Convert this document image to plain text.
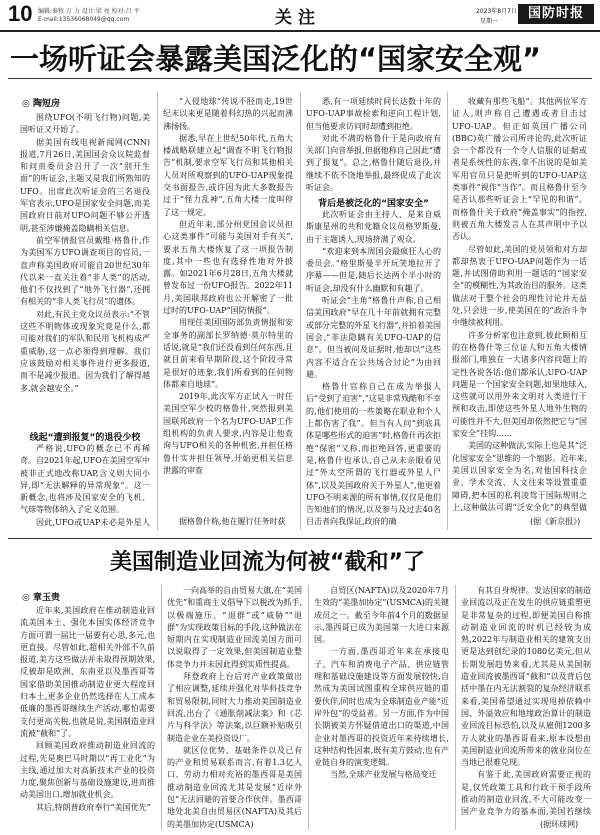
10 编辑:秦牧 万 力 设计:梁 亮 校对:吕 平
E-mail:13536068049@qq.com	关注	2023年8月7日
星期一
国防时报
一场听证会暴露美国泛化的“国家安全观”
◎ 陶短房

围绕UFO(不明飞行物)问题,美国听证又开始了。

据美国有线电视新闻网(CNN)报道,7月26日,美国国会众议院监督和问责委员会召开了一次“别开生面”的听证会,主题又是我们所熟知的UFO。出席此次听证会的三名退役军官表示,UFO是国家安全问题,而美国政府日前对UFO问题不够公开透明,甚至涉嫌掩盖隐瞒相关信息。

前空军情报官员戴维·格鲁什,作为美国军方UFO调查项目的官员,一直声称美国政府可能自20世纪30年代以来一直关注着“非人类”的活动,他们不仅找到了“地外飞行器”,还拥有相关的“非人类飞行员”的遗体。

对此,有民主党众议员表示:“不管这些不明物体或现象究竟是什么,都可能对我们的军队和民用飞机构成严重威胁,这一点必须得到理解。我们应该鼓励对相关事件进行更多报道,而不是减少报道。因为我们了解得越多,就会越安全。”

线起“遭到报复”的退役少校

严格说,UFO的概念已不再稀奇。自2021年起,UFO在美国空军中被非正式地改称UAP,含义则大同小异,即“无法解释的异常现象”。这一新概念,也将涉及国家安全的飞机、气球等物体纳入了定义范围。

因此,UFO或UAP未必是外星人

“入侵地球”传说不胫而走,19世纪末以来更是随着科幻热的兴起而沸沸扬扬。

据悉,早在上世纪50年代,五角大楼战略联建立起“调查不明飞行物报告”机制,要求空军飞行员和其他相关人员对所观察到的UFO-UAP现象提交书面报告,或许因为此大多数报告过于“怪力乱神”,五角大楼一度叫停了这一规定。

但近年来,部分州党国会议员担心这类事件“可能与美国对手有关”,要求五角大楼恢复了这一项报告制度,其中一些也有选择性地对外披露。如2021年6月28日,五角大楼就曾发布过一份UFO报告。2022年11月,美国联邦政府也公开解密了一批过时的UFO-UAP“国防情报”。

用现任美国国防部负责情报和安全事务的副部长罗纳德·莫尔特里的话说,就是“我们还没看到任何东西,且就目前来看早期阶段,这个阶段寻常是很好的迹象,我们所看到的任何物体都来自地球”。

2019年,此次军方正试入一时任美国空军少校的格鲁什,突然报到美国联邦政府一个名为UFO-UAP工作组机构的负责人要求,内容是让他查询与UFO相关的各种机密,并担任格鲁什实并担任领导,开始更相关信息泄露的审查

据格鲁什称,他在履行任务时获

悉,有一项延续时间长达数十年的UFO-UAP事故检索和逆向工程计划,但当他要求访问时却遭到拒绝。

对此不满的格鲁什于是向政府有关部门向音举报,但据他称自己因此“遭到了报复”。总之,格鲁什随后退役,并继续不依不饶地举报,最终促成了此次听证会。

背后是被泛化的“国家安全”

此次听证会由主持人、是来自威斯康星州的共和党籍众议员格罗斯曼,由于主题诱人,现场挤满了观众。

“欢迎来到本周国会最疯狂人心的委员会。”格里斯曼半开玩笑地拉开了序幕——但是,随后长达两个半小时的听证会,却没有什么幽默和有趣了。

听证会“主角”格鲁什声称,自己相信美国政府“早在几十年前就拥有完整或部分完整的外星飞行器”,并拍着美国国会,“非法隐瞒有关UFO-UAP的信息”。但当被问及证据时,他却以“这些内容不适合在公共场合讨论”为由回避。

格鲁什官称自己在成为举报人后“受到了迫害”,“这是非常残酷和不幸的,他们使用的一些策略在职业和个人上都伤害了我”。但当有人问“到底具体是哪些形式的迫害”时,格鲁什再次拒绝“保密”又称,而拒绝回答,更重要的是,格鲁什也承认,自己从未亲眼看见过“外太空所谓的飞行器或外星人尸体”,以及美国政府关于外星人”,他更着UFO不明来源的所有事情,仅仅是他们告知他们的情况,以及参与及过去40名目击者向我保证,政府的确

收藏有那些飞船”。其他两位军方证人,则声称自己遭遇或者目击过UFO-UAP。但正如英国广播公司(BBC)英广播公司所评论的,此次听证会一个都没有一个令人信服的证据或者是系统性的东西,拿不出说的是如美军用官员只是把听到的UFO-UAP这类事件“视作”当作”。而且格鲁什至今是否认那些听证会上“罕见的和谐”。而格鲁什关于政府“掩盖事实”的指控,则被五角大楼发言人在其声明中予以否认。

尽管如此,美国的党员领和对方却都却热衷于UFO-UAP问题作为一话题,并试图借助利用一题话的“国家安全”的模糊性,为其政治目的服务。这类做法对于整个社会的理性讨论并无益处,只会进一步,使美国在的“政治斗争中继续被利用。

许多分析家也注意到,彼此顾相互的在格鲁什等三位证人和五角大楼情报部门,唯独在一大诸多内容问题上的定性各说各话:他们都承认,UFO-UAP问题是一个国家安全问题,如果地球入,这些就可以用外来文明对人类进行干预和攻击,即使这些外星人地外生物的可能性并不大,但美国却依然把它与“国家安全”挂钩……

美国的这种做法,实际上也是其“泛化国家安全”思维的一个缩影。近年来,美国以国家安全为名,对他国科技企业、学术交流、人文往来等设置重重障碍,把本国的私利凌驾于国际规则之上,这种做法可谓“泛安全化”的典型做

(据《新京报》)
美国制造业回流为何被“截和”了
◎ 章玉贵

近年来,美国政府在推动制造业回流美国本土、强化本国实体经济竞争方面可谓一届比一届要有心思,多元,也更直接。尽管如此,超相关外部不久前报道,美方这些做法并未取得预期效果,反被却是欧洲、东南亚以及墨西哥等国家借助美国推动制造业更大程度回归本土,更多企业仍然选择在人工成本低廉的墨西哥继续生产活动,哪怕需要支付更高关税,也就是说,美国制造业回流被“截和”了。

回顾美国政府推动制造业回流的过程,先是奥巴马时期以“再工业化”为主线,通过加大对高新技术产业的投资力度,聚焦创新与基础设施建设,进而推动美国出口,增加就业机会。

其后,特朗普政府奉行“美国优先”

一向高举的自由贸易大旗,在“美国优先”和重商主义倡导下以税改为抓手,以极端施压、“退群”或“威胁”“退群”为实现政策目标的手段,这种做法在短期内在实现制造业回流美国方面可以说取得了一定效果,但美国制造业整体竞争力并未因此得到实质性提高。

拜登政府上台后对产业政策做出了相应调整,延续并强化对华科技竞争和贸易限制,同时大力推动美国制造业回流,出台了《通胀削减法案》和《芯片与科学法》等法案,以巨额补贴吸引制造企业在美投资设厂。

就区位优势、基础条件以及已有的产业和贸易联系而言,有着1.3亿人口、劳动力相对充裕的墨西哥是美国推动制造业回流尤其是发展“近岸外包”无法回避的首要合作伙伴。墨西哥地处北美自由贸易区(NAFTA)及其后的美墨加协定(USMCA)

自贸区(NAFTA)以及2020年7月生效的“美墨加协定”(USMCA)的关键成员之一。截至今年前4个月的数据显示,墨西哥已成为美国第一大进口来源国。

一方面,墨西哥近年来在承接电子、汽车和消费电子产品、供应链管理和基础设施建设等方面发展较快,自然成为美国试图重构全球供应链的重要伙伴,同时也成为全球制造业产能“近岸外包”的受益者。另一方面,作为中国长期被美方怀疑借道出口的渠道,中国企业对墨西哥的投资近年来持续增长,这种结构性因素,既有美方鼓动,也有产业链自身的演变逻辑。

当然,全球产业发展与格局变迁

有其自身规律。发达国家的制造业回流以及正在发生的供应链重塑更是非常复杂的过程,即便美国自称推动制造业回流的时机已经较为成熟,2022年与制造业相关的建筑支出更是达到创纪录的1080亿美元,但从长期发展趋势来看,尤其是从美国制造业回流被墨西哥“截和”以及背后包括中墨在内无法割裂的复杂经济联系来看,美国希望通过实现甩掉依赖中国、外溢效应和地缘政治算计的制造业回流目标恐怕,以及从雇佣1200多万人就业的墨西哥看来,原本设想由美国制造业回流所带来的就业岗位在当地已很难兑现。

有鉴于此,美国政府需要正视的是,仅凭政策工具和行政干预手段所推动的制造业回流,不大可能改变一国产业竞争力的基本面,美国若继续

(据环球网)
